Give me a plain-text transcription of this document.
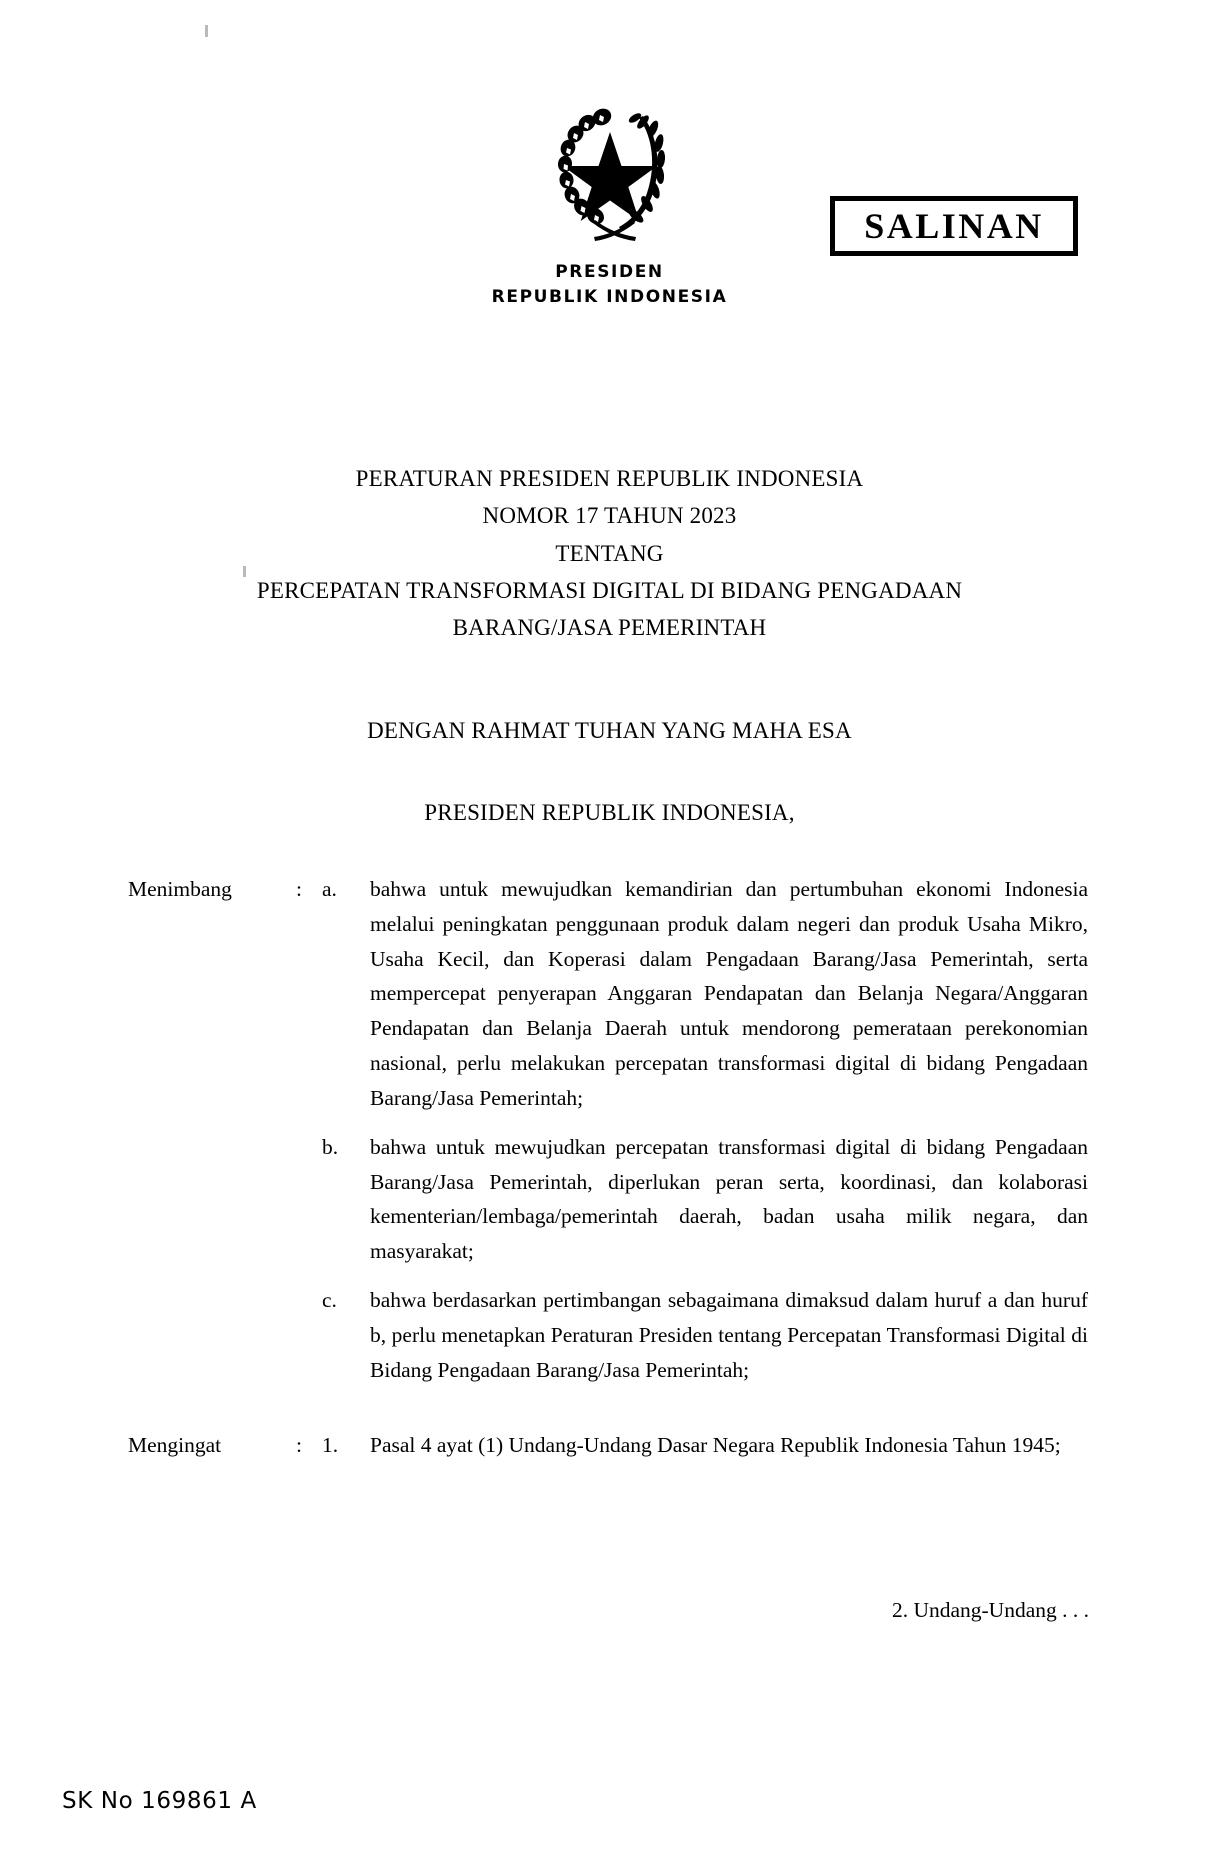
PRESIDEN
REPUBLIK INDONESIA
SALINAN
PERATURAN PRESIDEN REPUBLIK INDONESIA
NOMOR 17 TAHUN 2023
TENTANG
PERCEPATAN TRANSFORMASI DIGITAL DI BIDANG PENGADAAN
BARANG/JASA PEMERINTAH
DENGAN RAHMAT TUHAN YANG MAHA ESA
PRESIDEN REPUBLIK INDONESIA,
Menimbang	: a.	bahwa untuk mewujudkan kemandirian dan pertumbuhan ekonomi Indonesia melalui peningkatan penggunaan produk dalam negeri dan produk Usaha Mikro, Usaha Kecil, dan Koperasi dalam Pengadaan Barang/Jasa Pemerintah, serta mempercepat penyerapan Anggaran Pendapatan dan Belanja Negara/Anggaran Pendapatan dan Belanja Daerah untuk mendorong pemerataan perekonomian nasional, perlu melakukan percepatan transformasi digital di bidang Pengadaan Barang/Jasa Pemerintah;
b.	bahwa untuk mewujudkan percepatan transformasi digital di bidang Pengadaan Barang/Jasa Pemerintah, diperlukan peran serta, koordinasi, dan kolaborasi kementerian/lembaga/pemerintah daerah, badan usaha milik negara, dan masyarakat;
c.	bahwa berdasarkan pertimbangan sebagaimana dimaksud dalam huruf a dan huruf b, perlu menetapkan Peraturan Presiden tentang Percepatan Transformasi Digital di Bidang Pengadaan Barang/Jasa Pemerintah;
Mengingat	: 1.	Pasal 4 ayat (1) Undang-Undang Dasar Negara Republik Indonesia Tahun 1945;
2. Undang-Undang . . .
SK No 169861 A
